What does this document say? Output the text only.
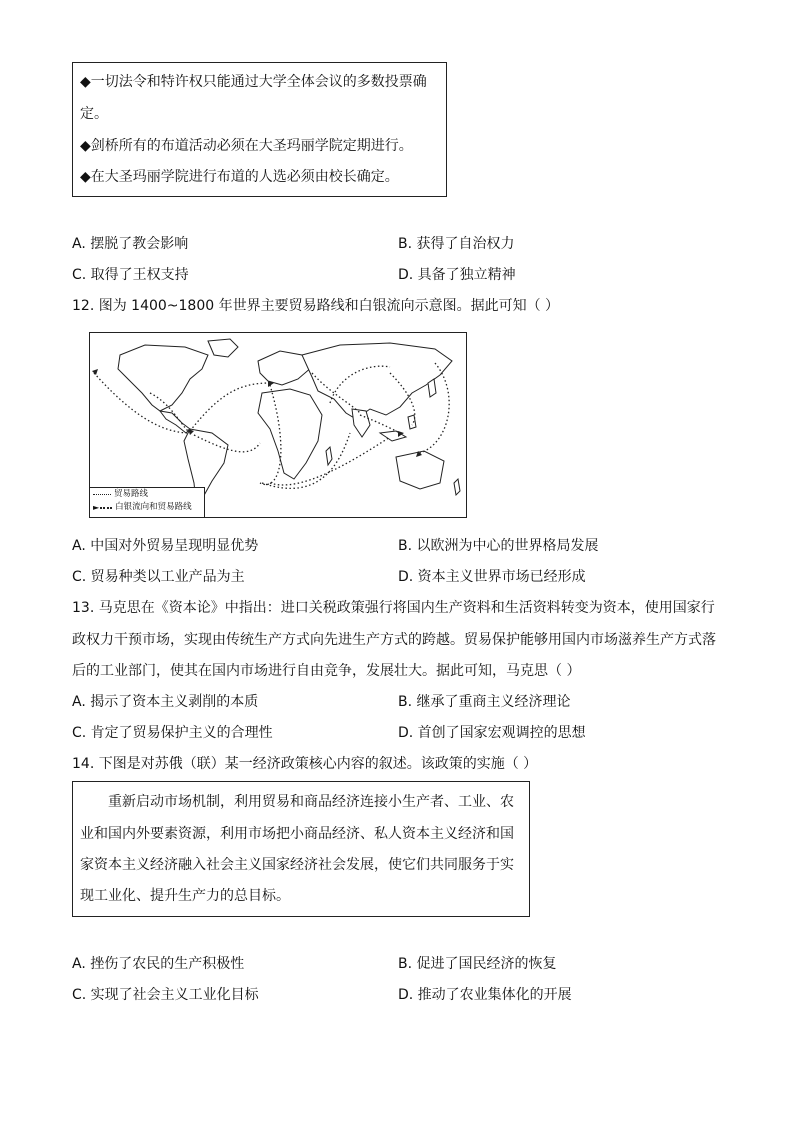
◆一切法令和特许权只能通过大学全体会议的多数投票确
定。
◆剑桥所有的布道活动必须在大圣玛丽学院定期进行。
◆在大圣玛丽学院进行布道的人选必须由校长确定。
A. 摆脱了教会影响	B. 获得了自治权力
C. 取得了王权支持	D. 具备了独立精神
12. 图为 1400~1800 年世界主要贸易路线和白银流向示意图。据此可知（ ）
贸易路线
► 白银流向和贸易路线
A. 中国对外贸易呈现明显优势	B. 以欧洲为中心的世界格局发展
C. 贸易种类以工业产品为主	D. 资本主义世界市场已经形成
13. 马克思在《资本论》中指出：进口关税政策强行将国内生产资料和生活资料转变为资本，使用国家行
政权力干预市场，实现由传统生产方式向先进生产方式的跨越。贸易保护能够用国内市场滋养生产方式落
后的工业部门，使其在国内市场进行自由竞争，发展壮大。据此可知，马克思（ ）
A. 揭示了资本主义剥削的本质	B. 继承了重商主义经济理论
C. 肯定了贸易保护主义的合理性	D. 首创了国家宏观调控的思想
14. 下图是对苏俄（联）某一经济政策核心内容的叙述。该政策的实施（ ）
重新启动市场机制，利用贸易和商品经济连接小生产者、工业、农
业和国内外要素资源，利用市场把小商品经济、私人资本主义经济和国
家资本主义经济融入社会主义国家经济社会发展，使它们共同服务于实
现工业化、提升生产力的总目标。
A. 挫伤了农民的生产积极性	B. 促进了国民经济的恢复
C. 实现了社会主义工业化目标	D. 推动了农业集体化的开展
